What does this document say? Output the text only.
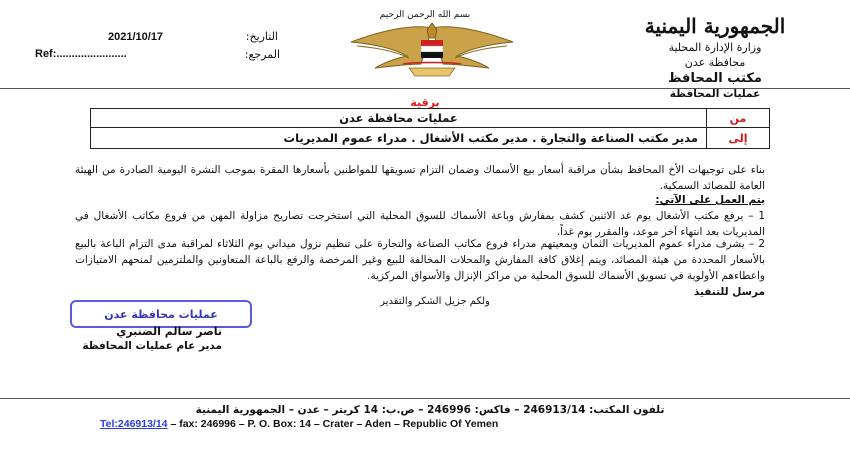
الجمهورية اليمنية
وزارة الإدارة المحلية
محافظة عدن
مكتب المحافظ
عمليات المحافظة
بسم الله الرحمن الرحيم
التاريخ:
2021/10/17
Ref:.......................	المرجع:
برقية
من	عمليات محافظة عدن
إلى	مدير مكتب الصناعة والتجارة . مدير مكتب الأشغال . مدراء عموم المديريات
بناء على توجيهات الأخ المحافظ بشأن مراقبة أسعار بيع الأسماك وضمان التزام تسويقها للمواطنين بأسعارها المقرة بموجب النشرة اليومية الصادرة من الهيئة العامة للمصائد السمكية.
يتم العمل على الآتي:
1 – يرفع مكتب الأشغال يوم غد الاثنين كشف بمفارش وباعة الأسماك للسوق المحلية التي استخرجت تصاريح مزاولة المهن من فروع مكاتب الأشغال في المديريات بعد انتهاء آخر موعد، والمقرر يوم غداً.
2 – يشرف مدراء عموم المديريات الثمان وبمعيتهم مدراء فروع مكاتب الصناعة والتجارة على تنظيم نزول ميداني يوم الثلاثاء لمراقبة مدى التزام الباعة بالبيع بالأسعار المحددة من هيئة المصائد، ويتم إغلاق كافة المفارش والمحلات المخالفة للبيع وغير المرخصة والرفع بالباعة المتعاونين والملتزمين لمنحهم الامتيازات واعطاءهم الأولوية في تسويق الأسماك للسوق المحلية من مراكز الإنزال والأسواق المركزية.
مرسل للتنفيذ
ولكم جزيل الشكر والتقدير
عمليات محافظة عدن
ناصر سالم الضنبري
مدير عام عمليات المحافظة
تلفون المكتب: 246913/14 – فاكس: 246996 – ص.ب: 14 كريتر – عدن – الجمهورية اليمنية
Tel:246913/14 – fax: 246996 – P. O. Box: 14 – Crater – Aden – Republic Of Yemen
